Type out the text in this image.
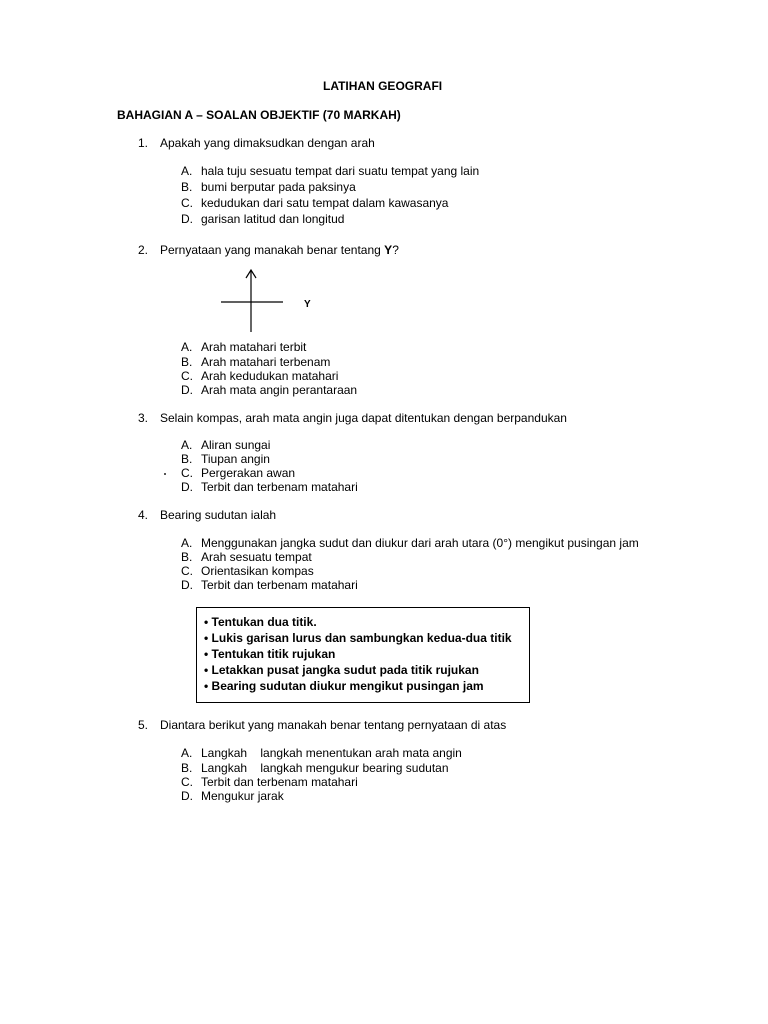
LATIHAN GEOGRAFI
BAHAGIAN A – SOALAN OBJEKTIF (70 MARKAH)
1. Apakah yang dimaksudkan dengan arah
A. hala tuju sesuatu tempat dari suatu tempat yang lain
B. bumi berputar pada paksinya
C. kedudukan dari satu tempat dalam kawasanya
D. garisan latitud dan longitud
2. Pernyataan yang manakah benar tentang Y?
Y
A. Arah matahari terbit
B. Arah matahari terbenam
C. Arah kedudukan matahari
D. Arah mata angin perantaraan
3. Selain kompas, arah mata angin juga dapat ditentukan dengan berpandukan
A. Aliran sungai
B. Tiupan angin
C. Pergerakan awan
D. Terbit dan terbenam matahari
4. Bearing sudutan ialah
A. Menggunakan jangka sudut dan diukur dari arah utara (0°) mengikut pusingan jam
B. Arah sesuatu tempat
C. Orientasikan kompas
D. Terbit dan terbenam matahari
• Tentukan dua titik.
• Lukis garisan lurus dan sambungkan kedua-dua titik
• Tentukan titik rujukan
• Letakkan pusat jangka sudut pada titik rujukan
• Bearing sudutan diukur mengikut pusingan jam
5. Diantara berikut yang manakah benar tentang pernyataan di atas
A. Langkah    langkah menentukan arah mata angin
B. Langkah    langkah mengukur bearing sudutan
C. Terbit dan terbenam matahari
D. Mengukur jarak
